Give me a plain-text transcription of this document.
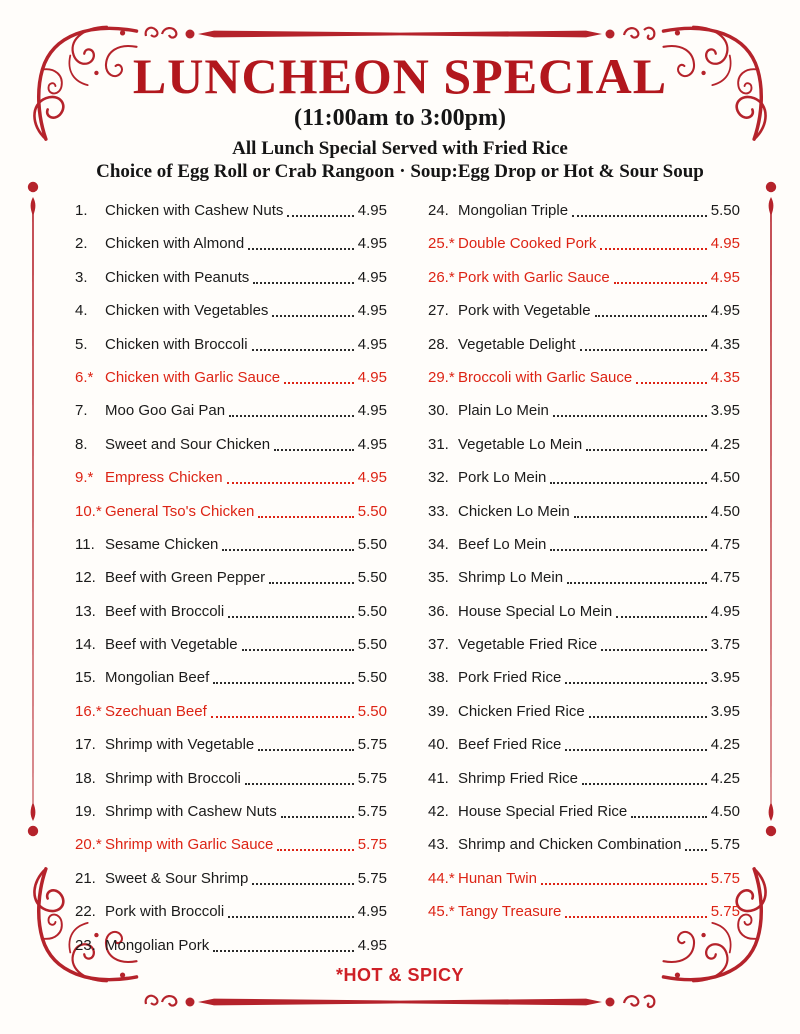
LUNCHEON SPECIAL
(11:00am to 3:00pm)
All Lunch Special Served with Fried Rice
Choice of Egg Roll or Crab Rangoon · Soup:Egg Drop or Hot & Sour Soup
1.	Chicken with Cashew Nuts	4.95
2.	Chicken with Almond	4.95
3.	Chicken with Peanuts	4.95
4.	Chicken with Vegetables	4.95
5.	Chicken with Broccoli	4.95
6.* Chicken with Garlic Sauce	4.95
7.	Moo Goo Gai Pan	4.95
8.	Sweet and Sour Chicken	4.95
9.* Empress Chicken	4.95
10.* General Tso's Chicken	5.50
11. Sesame Chicken	5.50
12. Beef with Green Pepper	5.50
13. Beef with Broccoli	5.50
14. Beef with Vegetable	5.50
15. Mongolian Beef	5.50
16.* Szechuan Beef	5.50
17. Shrimp with Vegetable	5.75
18. Shrimp with Broccoli	5.75
19. Shrimp with Cashew Nuts	5.75
20.* Shrimp with Garlic Sauce	5.75
21. Sweet & Sour Shrimp	5.75
22. Pork with Broccoli	4.95
23. Mongolian Pork	4.95
24. Mongolian Triple	5.50
25.* Double Cooked Pork	4.95
26.* Pork with Garlic Sauce	4.95
27. Pork with Vegetable	4.95
28. Vegetable Delight	4.35
29.* Broccoli with Garlic Sauce	4.35
30. Plain Lo Mein	3.95
31. Vegetable Lo Mein	4.25
32. Pork Lo Mein	4.50
33. Chicken Lo Mein	4.50
34. Beef Lo Mein	4.75
35. Shrimp Lo Mein	4.75
36. House Special Lo Mein	4.95
37. Vegetable Fried Rice	3.75
38. Pork Fried Rice	3.95
39. Chicken Fried Rice	3.95
40. Beef Fried Rice	4.25
41. Shrimp Fried Rice	4.25
42. House Special Fried Rice	4.50
43. Shrimp and Chicken Combination 5.75
44.* Hunan Twin	5.75
45.* Tangy Treasure	5.75
*HOT & SPICY
